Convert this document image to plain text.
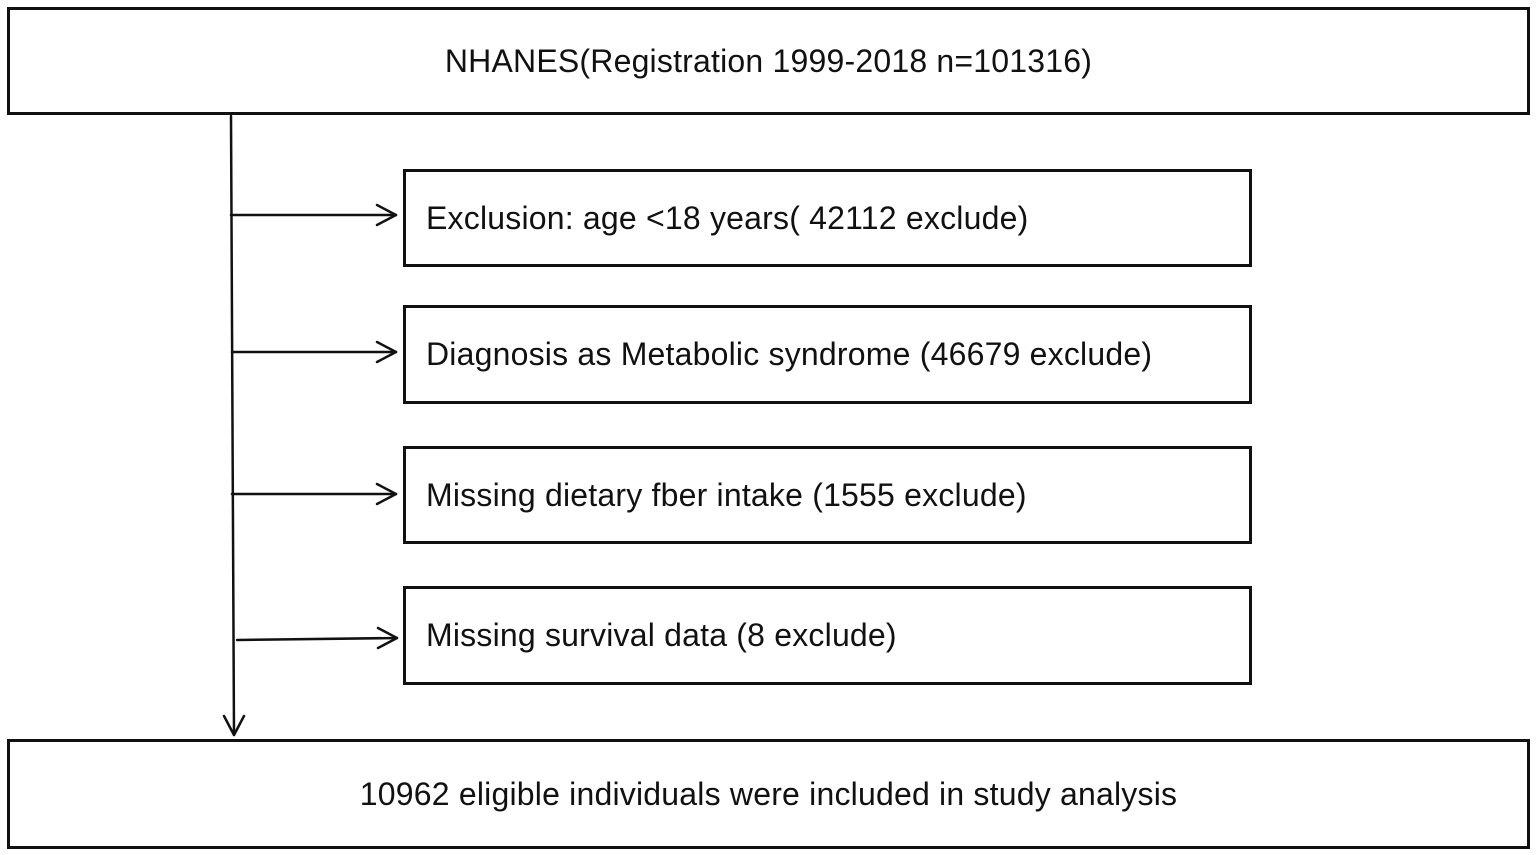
NHANES(Registration 1999-2018 n=101316)
Exclusion: age <18 years( 42112 exclude)
Diagnosis as Metabolic syndrome (46679 exclude)
Missing dietary fber intake (1555 exclude)
Missing survival data (8 exclude)
10962 eligible individuals were included in study analysis
